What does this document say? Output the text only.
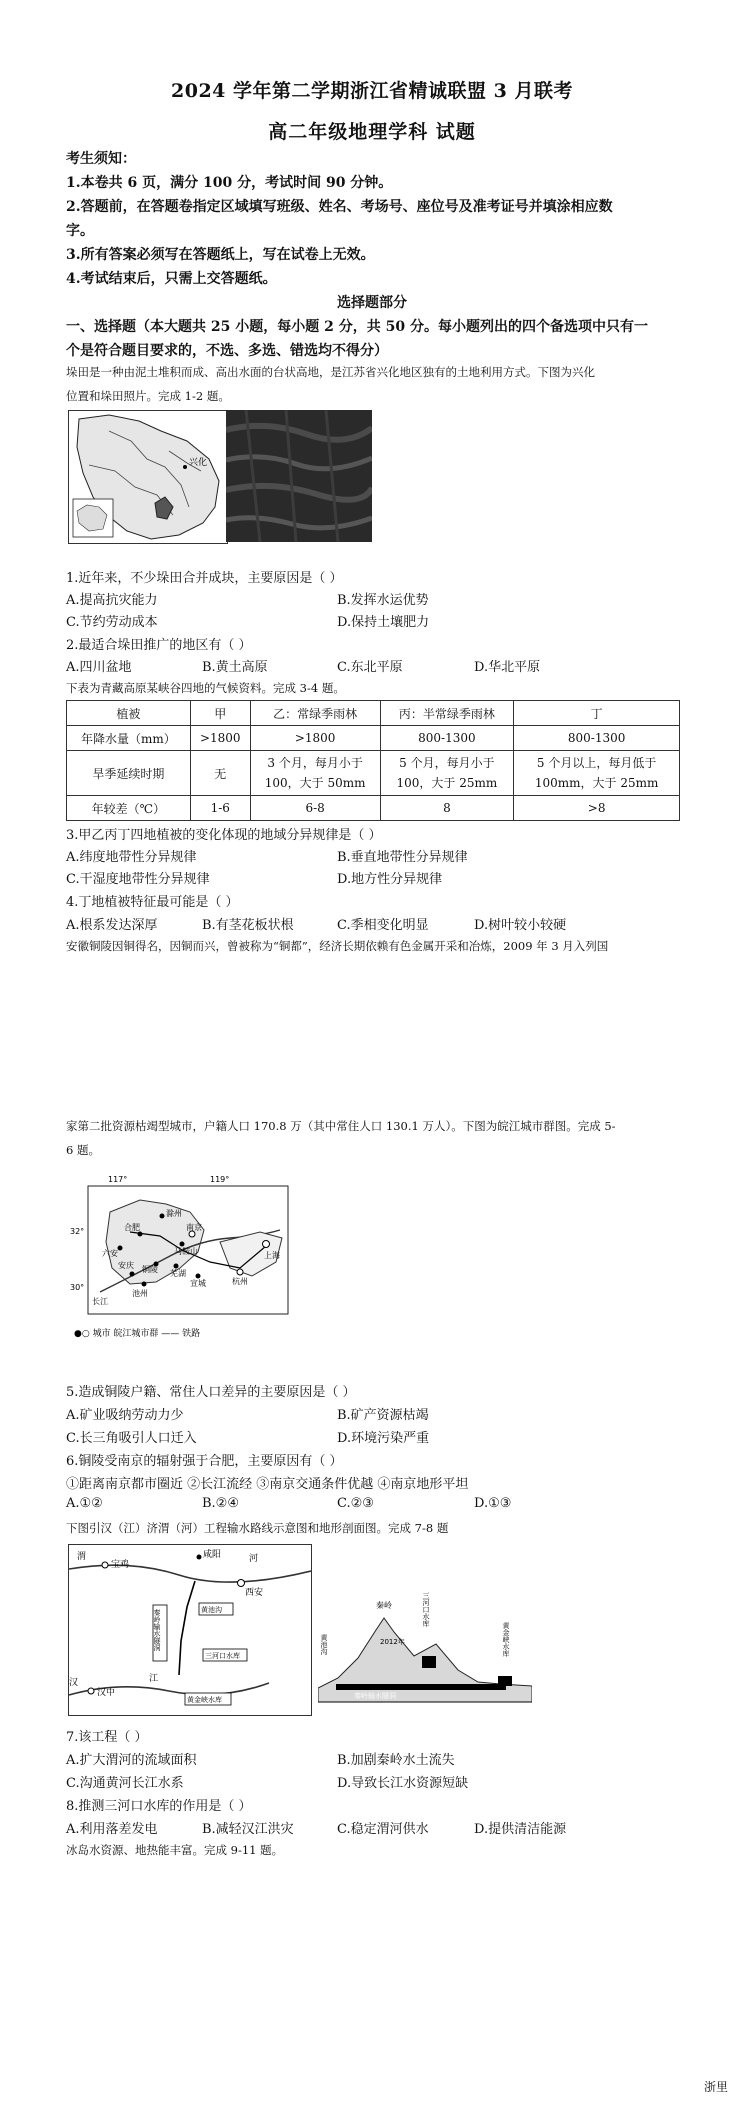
2024 学年第二学期浙江省精诚联盟 3 月联考
高二年级地理学科 试题
考生须知：
1.本卷共 6 页，满分 100 分，考试时间 90 分钟。
2.答题前，在答题卷指定区域填写班级、姓名、考场号、座位号及准考证号并填涂相应数
字。
3.所有答案必须写在答题纸上，写在试卷上无效。
4.考试结束后，只需上交答题纸。
选择题部分
一、选择题（本大题共 25 小题，每小题 2 分，共 50 分。每小题列出的四个备选项中只有一
个是符合题目要求的，不选、多选、错选均不得分）
垛田是一种由泥土堆积而成、高出水面的台状高地，是江苏省兴化地区独有的土地利用方式。下图为兴化
位置和垛田照片。完成 1-2 题。
兴化
1.近年来，不少垛田合并成块，主要原因是（ ）
A.提高抗灾能力	B.发挥水运优势
C.节约劳动成本	D.保持土壤肥力
2.最适合垛田推广的地区有（ ）
A.四川盆地	B.黄土高原	C.东北平原	D.华北平原
下表为青藏高原某峡谷四地的气候资料。完成 3-4 题。
植被	甲	乙：常绿季雨林	丙：半常绿季雨林	丁
年降水量（mm）	>1800	>1800	800-1300	800-1300
旱季延续时期	无	3 个月，每月小于 100，大于 50mm	5 个月，每月小于 100，大于 25mm	5 个月以上，每月低于 100mm，大于 25mm
年较差（℃）	1-6	6-8	8	>8
3.甲乙丙丁四地植被的变化体现的地域分异规律是（ ）
A.纬度地带性分异规律	B.垂直地带性分异规律
C.干湿度地带性分异规律	D.地方性分异规律
4.丁地植被特征最可能是（ ）
A.根系发达深厚	B.有茎花板状根	C.季相变化明显	D.树叶较小较硬
安徽铜陵因铜得名，因铜而兴，曾被称为“铜都”，经济长期依赖有色金属开采和冶炼，2009 年 3 月入列国
家第二批资源枯竭型城市，户籍人口 170.8 万（其中常住人口 130.1 万人）。下图为皖江城市群图。完成 5-
6 题。
117°	119°
32°
30°
滁州
合肥
六安	马鞍山
南京
铜陵 芜湖
安庆
池州
宣城
上海
杭州
长江
●○ 城市 皖江城市群 —— 铁路
5.造成铜陵户籍、常住人口差异的主要原因是（ ）
A.矿业吸纳劳动力少	B.矿产资源枯竭
C.长三角吸引人口迁入	D.环境污染严重
6.铜陵受南京的辐射强于合肥，主要原因有（ ）
①距离南京都市圈近 ②长江流经 ③南京交通条件优越 ④南京地形平坦
A.①②	B.②④	C.②③	D.①③
下图引汉（江）济渭（河）工程输水路线示意图和地形剖面图。完成 7-8 题
渭
宝鸡
咸阳	河
西安
秦岭输水隧洞	黄池沟
三河口水库
汉
汉中
江
黄金峡水库
秦岭	三河口水库
黄金峡水库
黄池沟
秦岭输水隧洞
2012年
7.该工程（ ）
A.扩大渭河的流域面积	B.加剧秦岭水土流失
C.沟通黄河长江水系	D.导致长江水资源短缺
8.推测三河口水库的作用是（ ）
A.利用落差发电	B.减轻汉江洪灾	C.稳定渭河供水	D.提供清洁能源
冰岛水资源、地热能丰富。完成 9-11 题。
浙里
